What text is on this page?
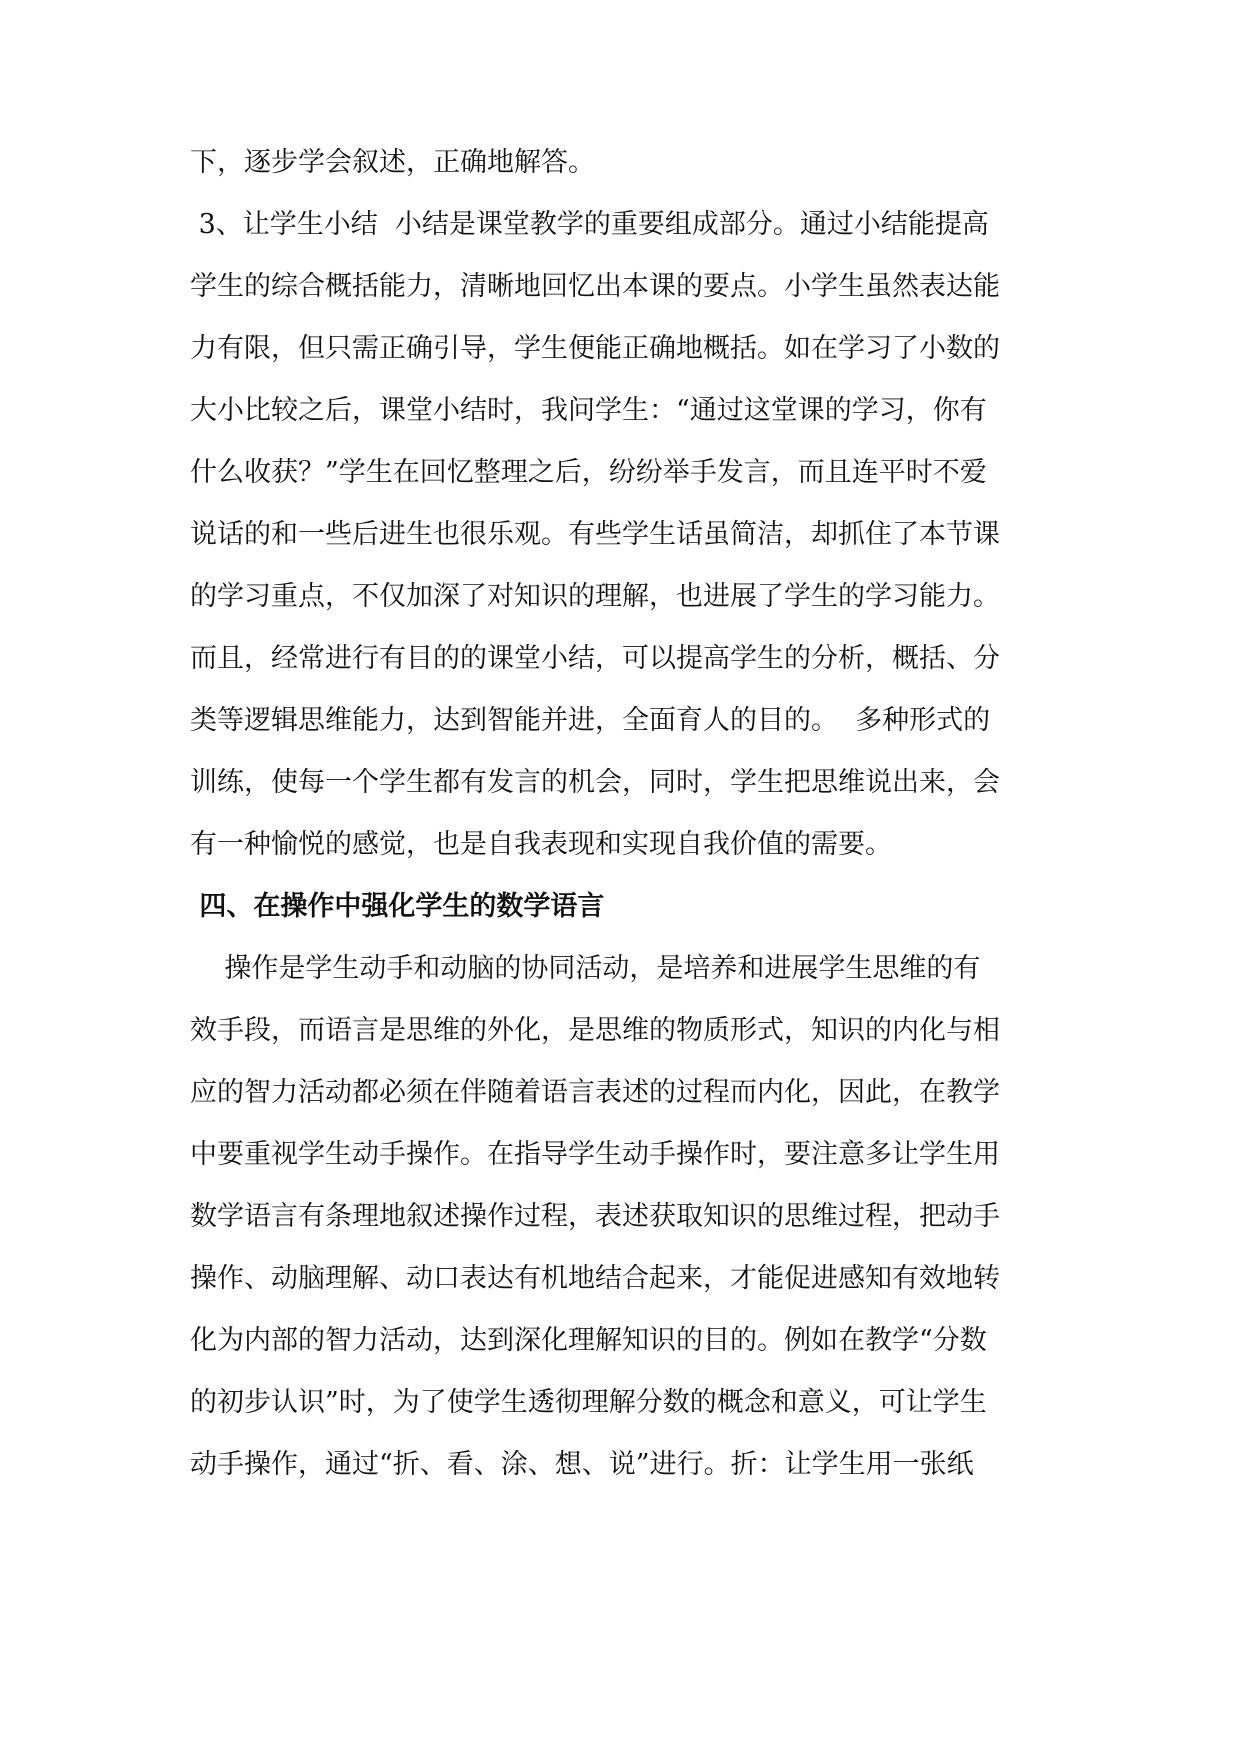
下，逐步学会叙述，正确地解答。
3、让学生小结  小结是课堂教学的重要组成部分。通过小结能提高
学生的综合概括能力，清晰地回忆出本课的要点。小学生虽然表达能
力有限，但只需正确引导，学生便能正确地概括。如在学习了小数的
大小比较之后，课堂小结时，我问学生：“通过这堂课的学习，你有
什么收获？”学生在回忆整理之后，纷纷举手发言，而且连平时不爱
说话的和一些后进生也很乐观。有些学生话虽简洁，却抓住了本节课
的学习重点，不仅加深了对知识的理解，也进展了学生的学习能力。
而且，经常进行有目的的课堂小结，可以提高学生的分析，概括、分
类等逻辑思维能力，达到智能并进，全面育人的目的。  多种形式的
训练，使每一个学生都有发言的机会，同时，学生把思维说出来，会
有一种愉悦的感觉，也是自我表现和实现自我价值的需要。
四、在操作中强化学生的数学语言
操作是学生动手和动脑的协同活动，是培养和进展学生思维的有
效手段，而语言是思维的外化，是思维的物质形式，知识的内化与相
应的智力活动都必须在伴随着语言表述的过程而内化，因此，在教学
中要重视学生动手操作。在指导学生动手操作时，要注意多让学生用
数学语言有条理地叙述操作过程，表述获取知识的思维过程，把动手
操作、动脑理解、动口表达有机地结合起来，才能促进感知有效地转
化为内部的智力活动，达到深化理解知识的目的。例如在教学“分数
的初步认识”时，为了使学生透彻理解分数的概念和意义，可让学生
动手操作，通过“折、看、涂、想、说”进行。折：让学生用一张纸
